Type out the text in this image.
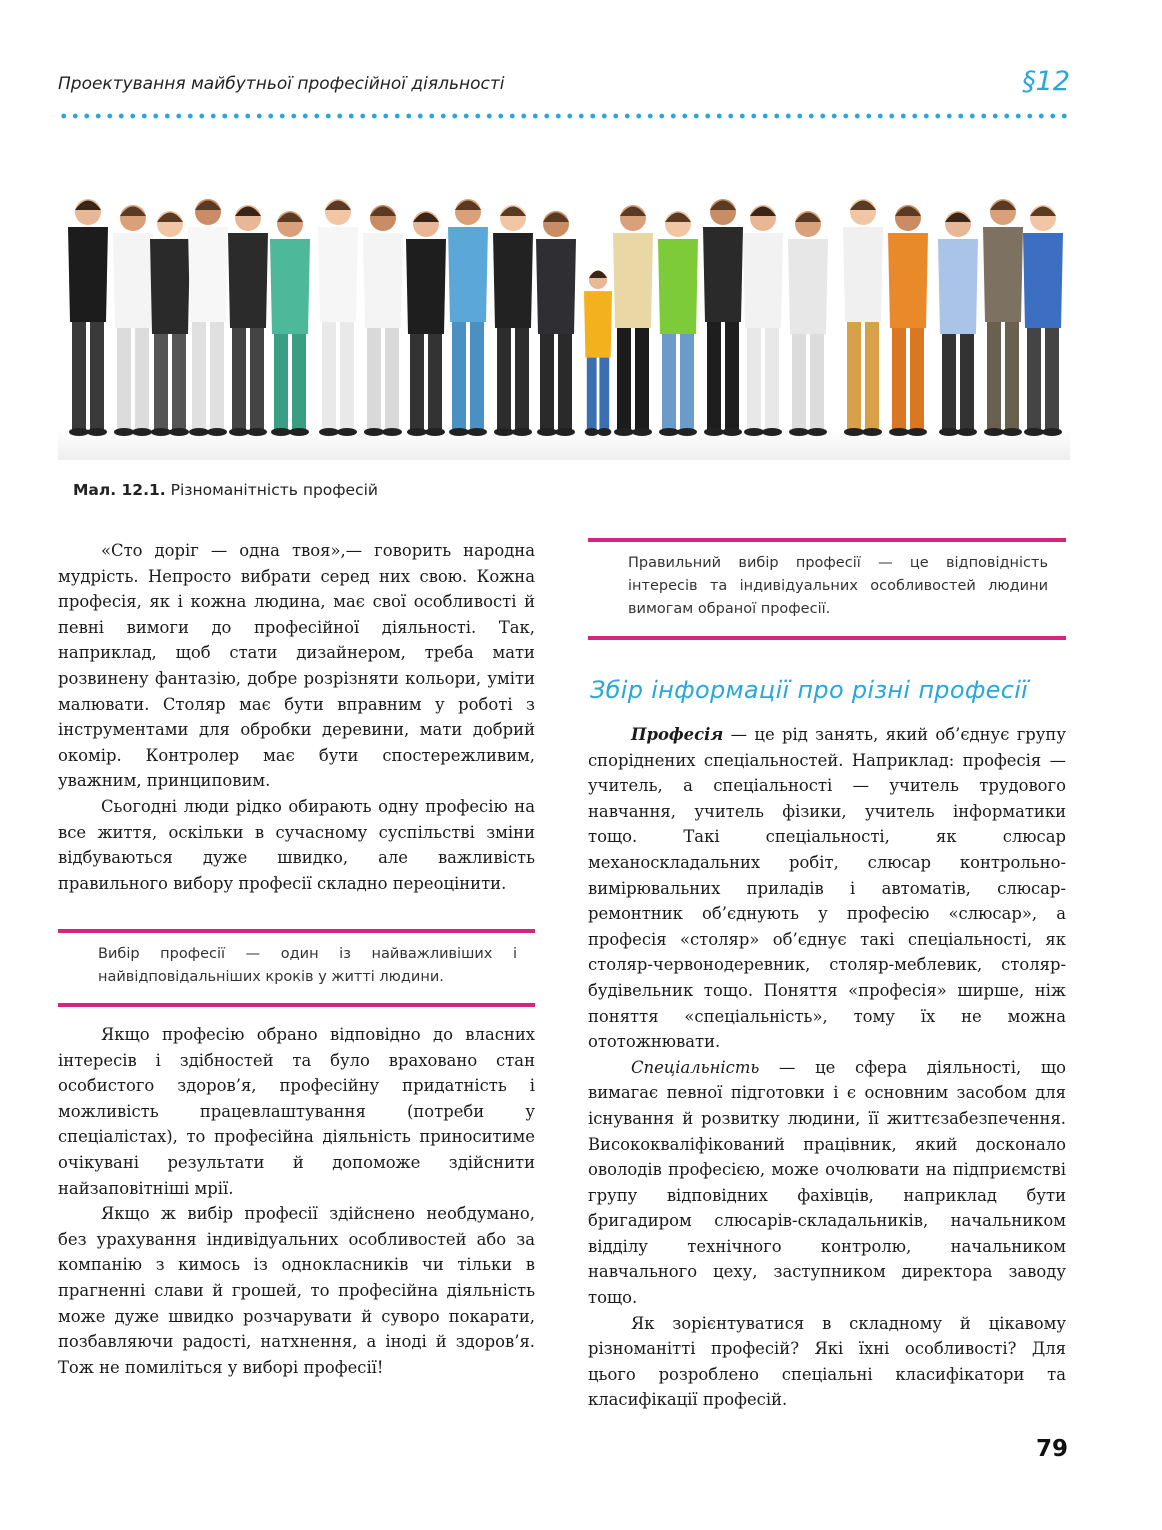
Проектування майбутньої професійної діяльності	§12
Мал. 12.1. Різноманітність професій

«Сто доріг — одна твоя»,— говорить народна мудрість. Непросто вибрати серед них свою. Кожна професія, як і кожна людина, має свої особливості й певні вимоги до професійної діяльності. Так, наприклад, щоб стати дизайнером, треба мати розвинену фантазію, добре розрізняти кольори, уміти малювати. Столяр має бути вправним у роботі з інструментами для обробки деревини, мати добрий окомір. Контролер має бути спостережливим, уважним, принциповим.

Сьогодні люди рідко обирають одну професію на все життя, оскільки в сучасному суспільстві зміни відбуваються дуже швидко, але важливість правильного вибору професії складно переоцінити.

Вибір професії — один із найважливіших і найвідповідальніших кроків у житті людини.

Якщо професію обрано відповідно до власних інтересів і здібностей та було враховано стан особистого здоров’я, професійну придатність і можливість працевлаштування (потреби у спеціалістах), то професійна діяльність приноситиме очікувані результати й допоможе здійснити найзаповітніші мрії.

Якщо ж вибір професії здійснено необдумано, без урахування індивідуальних особливостей або за компанію з кимось із однокласників чи тільки в прагненні слави й грошей, то професійна діяльність може дуже швидко розчарувати й суворо покарати, позбавляючи радості, натхнення, а іноді й здоров’я. Тож не помиліться у виборі професії!

Правильний вибір професії — це відповідність інтересів та індивідуальних особливостей людини вимогам обраної професії.
Збір інформації про різні професії

Професія — це рід занять, який об’єднує групу споріднених спеціальностей. Наприклад: професія — учитель, а спеціальності — учитель трудового навчання, учитель фізики, учитель інформатики тощо. Такі спеціальності, як слюсар механоскладальних робіт, слюсар контрольно-вимірювальних приладів і автоматів, слюсар-ремонтник об’єднують у професію «слюсар», а професія «столяр» об’єднує такі спеціальності, як столяр-червонодеревник, столяр-меблевик, столяр-будівельник тощо. Поняття «професія» ширше, ніж поняття «спеціальність», тому їх не можна ототожнювати.

Спеціальність — це сфера діяльності, що вимагає певної підготовки і є основним засобом для існування й розвитку людини, її життєзабезпечення. Висококваліфікований працівник, який досконало оволодів професією, може очолювати на підприємстві групу відповідних фахівців, наприклад бути бригадиром слюсарів-складальників, начальником відділу технічного контролю, начальником навчального цеху, заступником директора заводу тощо.

Як зорієнтуватися в складному й цікавому різноманітті професій? Які їхні особливості? Для цього розроблено спеціальні класифікатори та класифікації професій.

79
